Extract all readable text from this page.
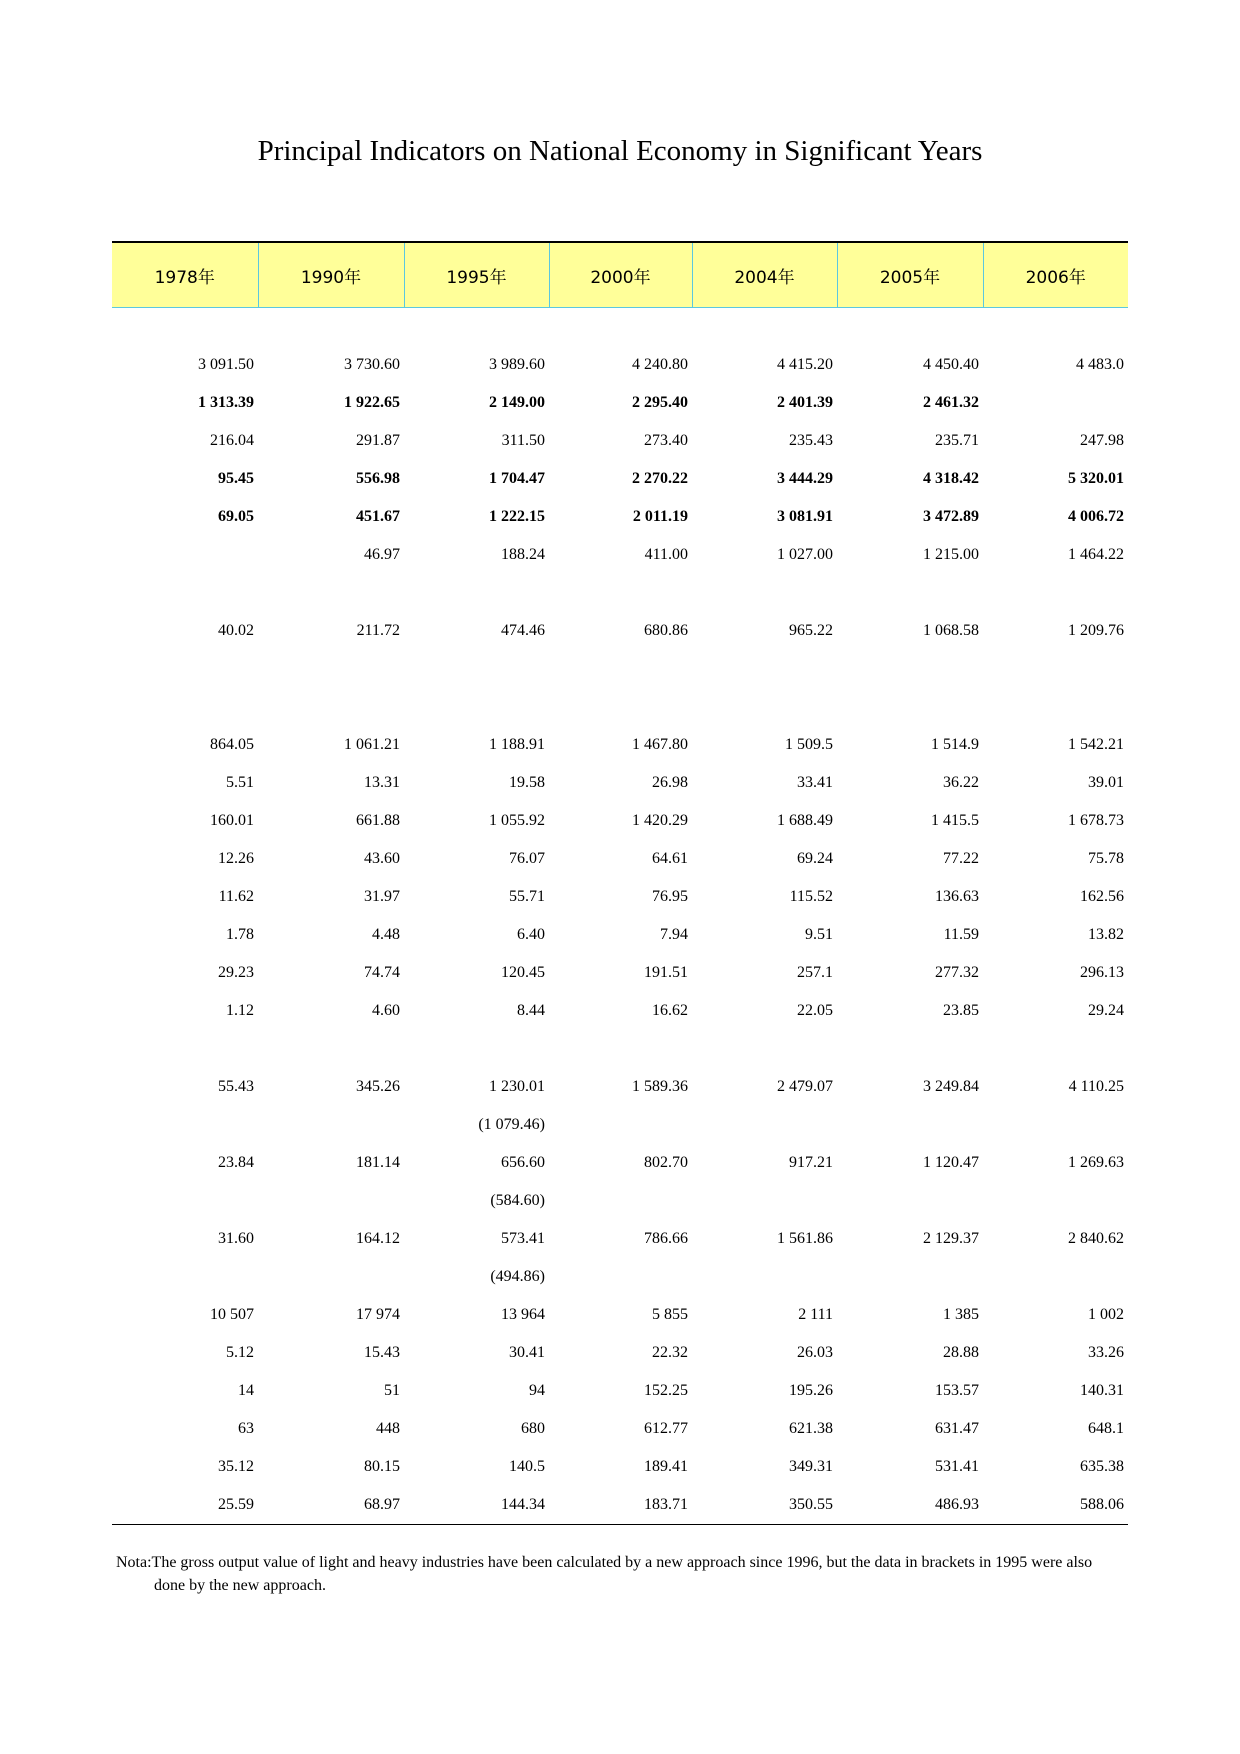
Principal Indicators on National Economy in Significant Years
1978年	1990年	1995年	2000年	2004年	2005年	2006年

3 091.50	3 730.60	3 989.60	4 240.80	4 415.20	4 450.40	4 483.0
1 313.39	1 922.65	2 149.00	2 295.40	2 401.39	2 461.32	
216.04	291.87	311.50	273.40	235.43	235.71	247.98
95.45	556.98	1 704.47	2 270.22	3 444.29	4 318.42	5 320.01
69.05	451.67	1 222.15	2 011.19	3 081.91	3 472.89	4 006.72
	46.97	188.24	411.00	1 027.00	1 215.00	1 464.22

40.02	211.72	474.46	680.86	965.22	1 068.58	1 209.76

864.05	1 061.21	1 188.91	1 467.80	1 509.5	1 514.9	1 542.21
5.51	13.31	19.58	26.98	33.41	36.22	39.01
160.01	661.88	1 055.92	1 420.29	1 688.49	1 415.5	1 678.73
12.26	43.60	76.07	64.61	69.24	77.22	75.78
11.62	31.97	55.71	76.95	115.52	136.63	162.56
1.78	4.48	6.40	7.94	9.51	11.59	13.82
29.23	74.74	120.45	191.51	257.1	277.32	296.13
1.12	4.60	8.44	16.62	22.05	23.85	29.24

55.43	345.26	1 230.01	1 589.36	2 479.07	3 249.84	4 110.25
		(1 079.46)				
23.84	181.14	656.60	802.70	917.21	1 120.47	1 269.63
		(584.60)				
31.60	164.12	573.41	786.66	1 561.86	2 129.37	2 840.62
		(494.86)				
10 507	17 974	13 964	5 855	2 111	1 385	1 002
5.12	15.43	30.41	22.32	26.03	28.88	33.26
14	51	94	152.25	195.26	153.57	140.31
63	448	680	612.77	621.38	631.47	648.1
35.12	80.15	140.5	189.41	349.31	531.41	635.38
25.59	68.97	144.34	183.71	350.55	486.93	588.06
Nota:The gross output value of light and heavy industries have been calculated by a new approach since 1996, but the data in brackets in 1995 were also done by the new approach.
